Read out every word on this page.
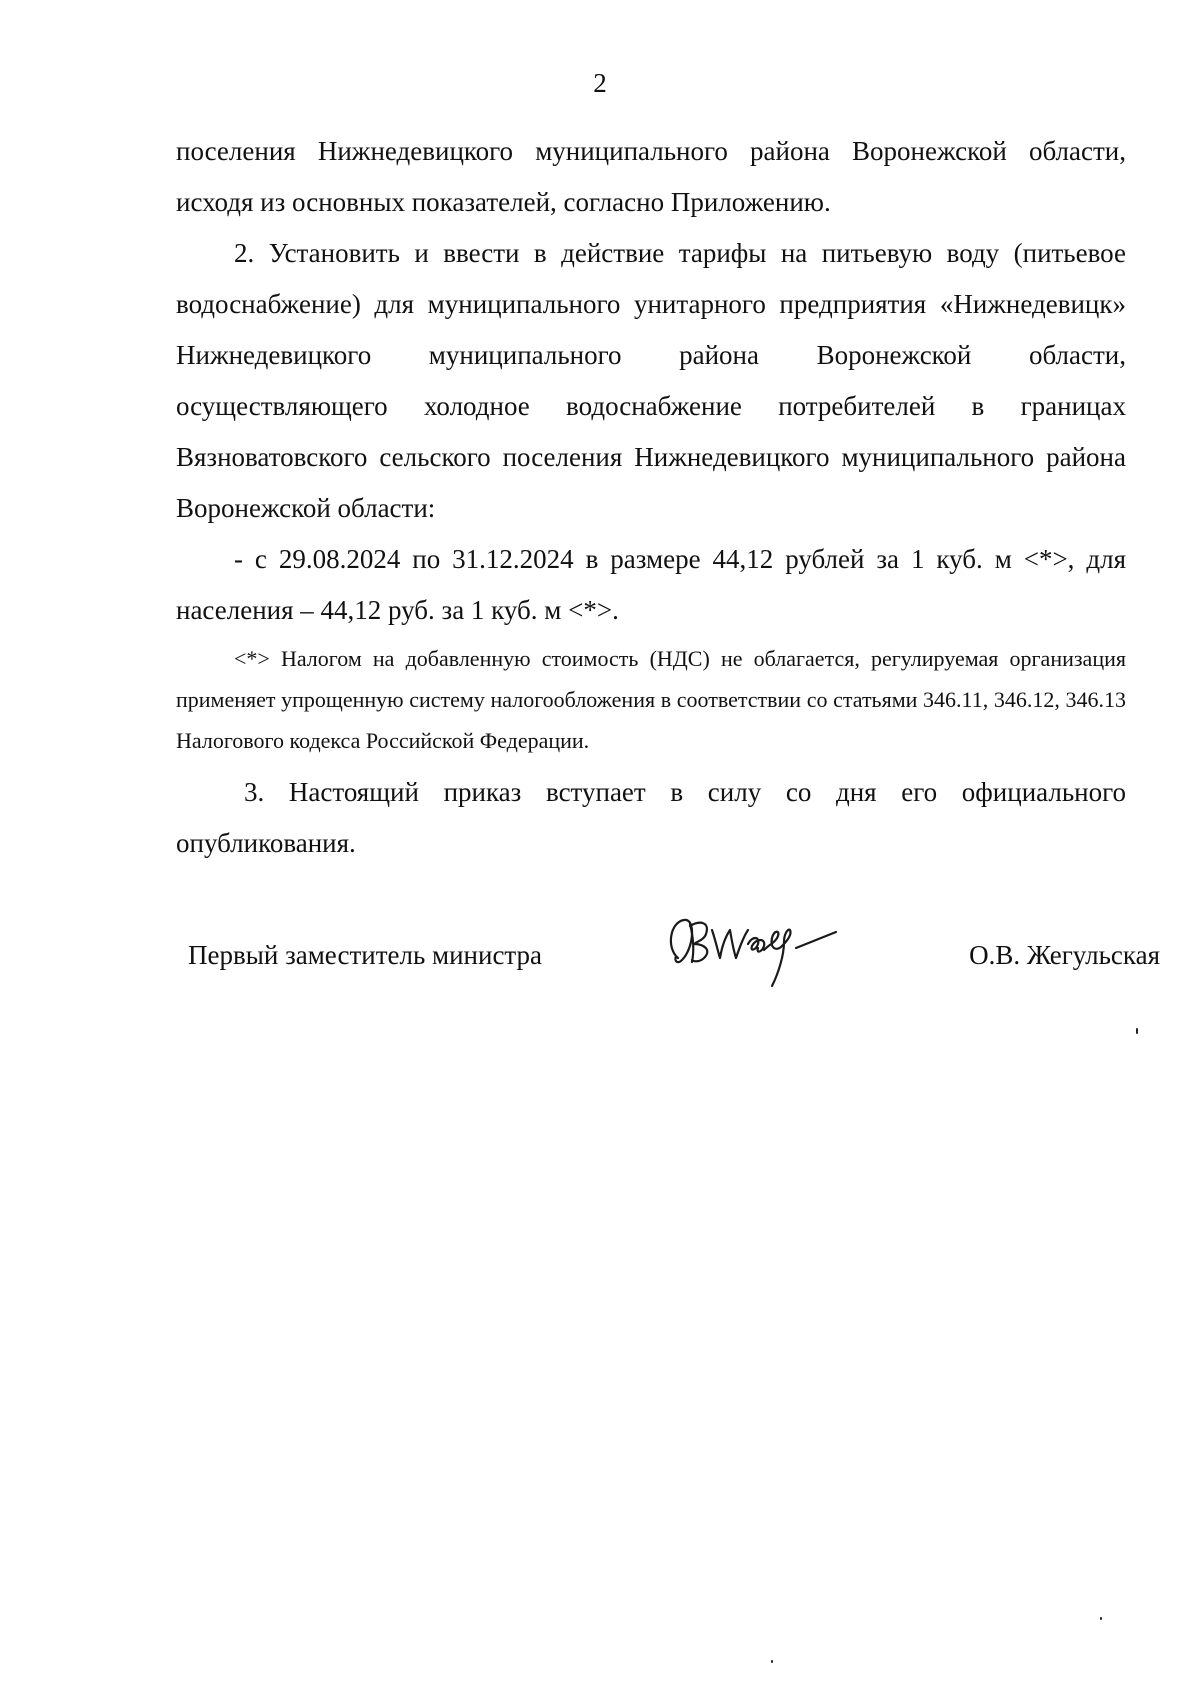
2

поселения Нижнедевицкого муниципального района Воронежской области, исходя из основных показателей, согласно Приложению.

2. Установить и ввести в действие тарифы на питьевую воду (питьевое водоснабжение) для муниципального унитарного предприятия «Нижнедевицк» Нижнедевицкого муниципального района Воронежской области, осуществляющего холодное водоснабжение потребителей в границах Вязноватовского сельского поселения Нижнедевицкого муниципального района Воронежской области:

- с 29.08.2024 по 31.12.2024 в размере 44,12 рублей за 1 куб. м <*>, для населения – 44,12 руб. за 1 куб. м <*>.

<*> Налогом на добавленную стоимость (НДС) не облагается, регулируемая организация применяет упрощенную систему налогообложения в соответствии со статьями 346.11, 346.12, 346.13 Налогового кодекса Российской Федерации.

3. Настоящий приказ вступает в силу со дня его официального опубликования.

Первый заместитель министра	О.В. Жегульская
